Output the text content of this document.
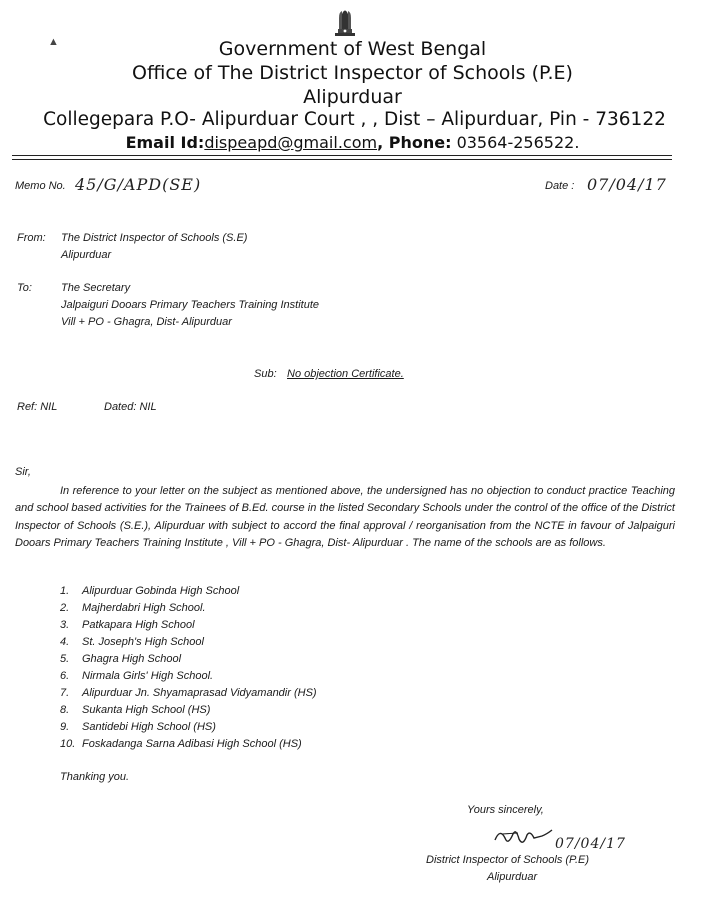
Government of West Bengal
Office of The District Inspector of Schools (P.E)
Alipurduar
Collegepara P.O- Alipurduar Court , , Dist – Alipurduar, Pin - 736122
Email Id:dispeapd@gmail.com, Phone: 03564-256522.
▲
Memo No. 45/G/APD(SE)	Date : 07/04/17
From: The District Inspector of Schools (S.E)
Alipurduar
To:	The Secretary
Jalpaiguri Dooars Primary Teachers Training Institute
Vill + PO - Ghagra, Dist- Alipurduar
Sub: No objection Certificate.
Ref: NIL	Dated: NIL
Sir,
In reference to your letter on the subject as mentioned above, the undersigned has no objection to conduct practice Teaching and school based activities for the Trainees of B.Ed. course in the listed Secondary Schools under the control of the office of the District Inspector of Schools (S.E.), Alipurduar with subject to accord the final approval / reorganisation from the NCTE in favour of Jalpaiguri Dooars Primary Teachers Training Institute , Vill + PO - Ghagra, Dist- Alipurduar . The name of the schools are as follows.
1. Alipurduar Gobinda High School
2. Majherdabri High School.
3. Patkapara High School
4. St. Joseph's High School
5. Ghagra High School
6. Nirmala Girls' High School.
7. Alipurduar Jn. Shyamaprasad Vidyamandir (HS)
8. Sukanta High School (HS)
9. Santidebi High School (HS)
10. Foskadanga Sarna Adibasi High School (HS)
Thanking you.
Yours sincerely,
07/04/17
District Inspector of Schools (P.E)
Alipurduar
